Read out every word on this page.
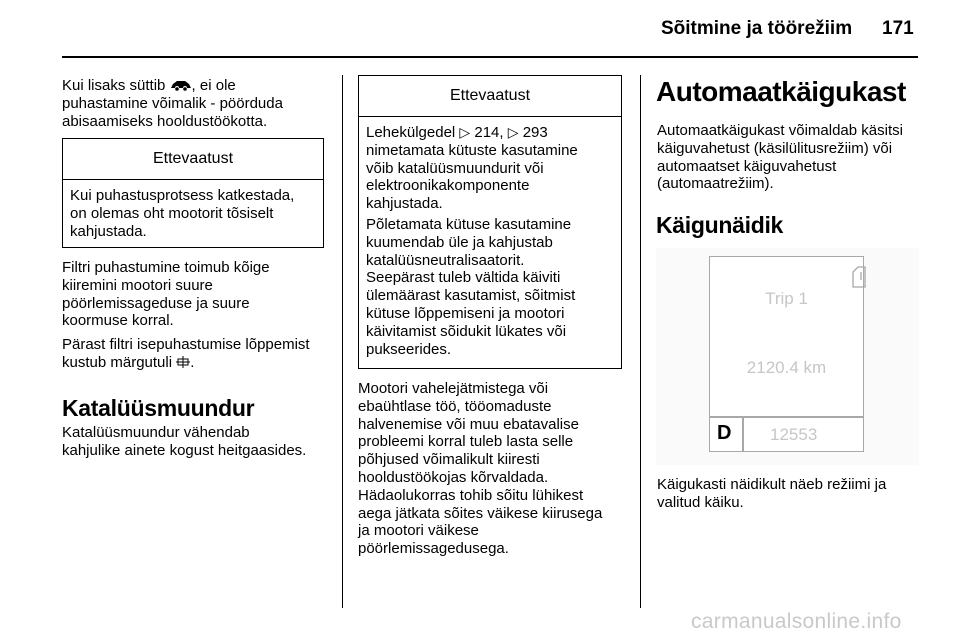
Sõitmine ja töörežiim 171

Kui lisaks süttib , ei ole

puhastamine võimalik - pöörduda

abisaamiseks hooldustöökotta.

Ettevaatust

Kui puhastusprotsess katkestada,

on olemas oht mootorit tõsiselt

kahjustada.

Filtri puhastumine toimub kõige

kiiremini mootori suure

pöörlemissageduse ja suure

koormuse korral.

Pärast filtri isepuhastumise lõppemist

kustub märgutuli .

Katalüüsmuundur

Katalüüsmuundur vähendab

kahjulike ainete kogust heitgaasides.

Ettevaatust

Lehekülgedel ▷ 214, ▷ 293

nimetamata kütuste kasutamine

võib katalüüsmuundurit või

elektroonikakomponente

kahjustada.

Põletamata kütuse kasutamine

kuumendab üle ja kahjustab

katalüüsneutralisaatorit.

Seepärast tuleb vältida käiviti

ülemäärast kasutamist, sõitmist

kütuse lõppemiseni ja mootori

käivitamist sõidukit lükates või

pukseerides.

Mootori vahelejätmistega või

ebaühtlase töö, tööomaduste

halvenemise või muu ebatavalise

probleemi korral tuleb lasta selle

põhjused võimalikult kiiresti

hooldustöökojas kõrvaldada.

Hädaolukorras tohib sõitu lühikest

aega jätkata sõites väikese kiirusega

ja mootori väikese

pöörlemissagedusega.

Automaatkäigukast

Automaatkäigukast võimaldab käsitsi

käiguvahetust (käsilülitusrežiim) või

automaatset käiguvahetust

(automaatrežiim).

Käigunäidik
Trip 1
2120.4 km
D 12553

Käigukasti näidikult näeb režiimi ja

valitud käiku.

carmanualsonline.info
